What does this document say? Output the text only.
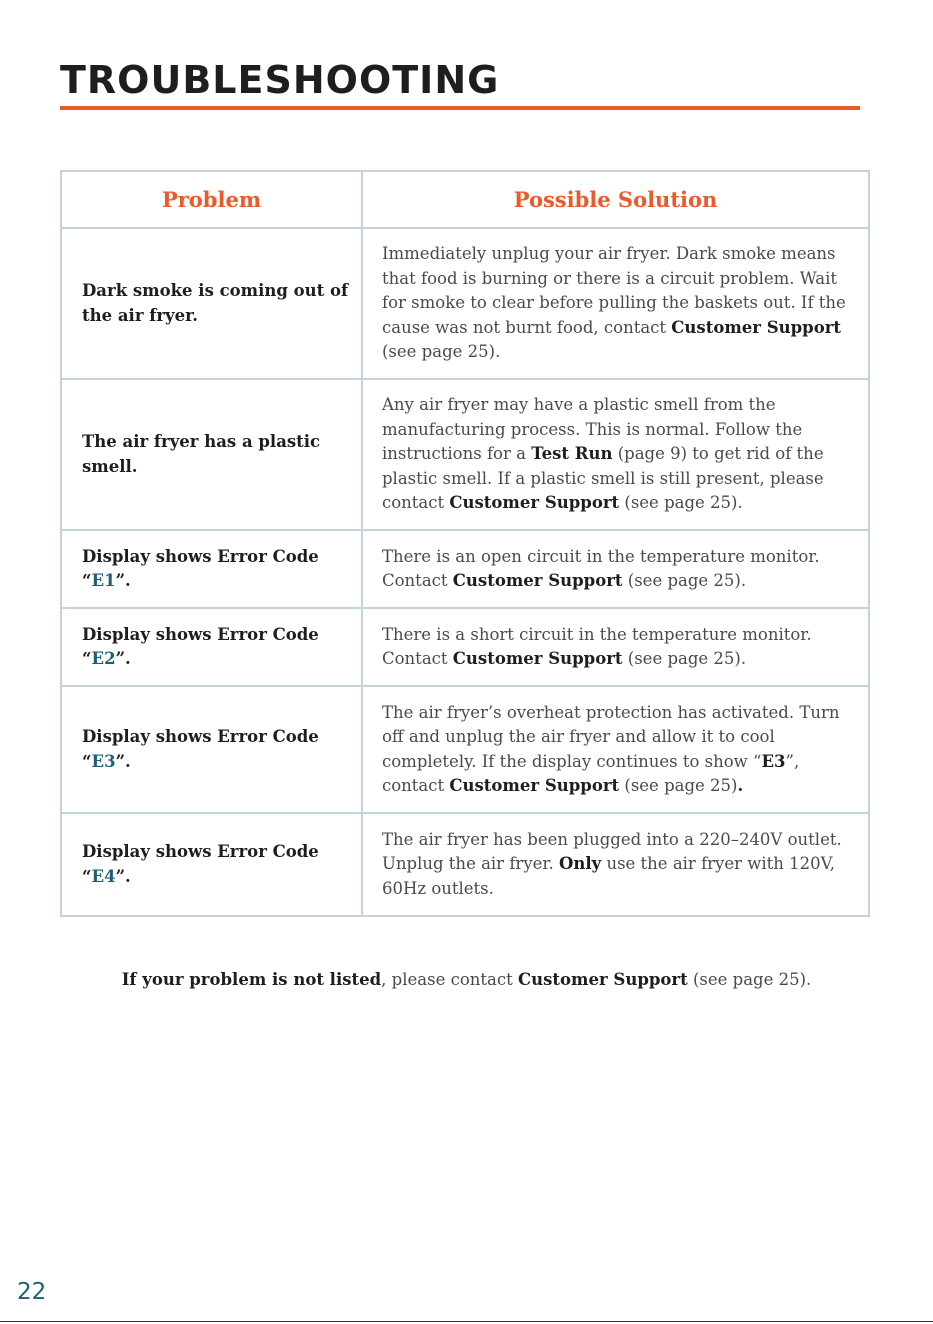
TROUBLESHOOTING
Problem	Possible Solution
Dark smoke is coming out of the air fryer.	Immediately unplug your air fryer. Dark smoke means that food is burning or there is a circuit problem. Wait for smoke to clear before pulling the baskets out. If the cause was not burnt food, contact Customer Support (see page 25).
The air fryer has a plastic smell.	Any air fryer may have a plastic smell from the manufacturing process. This is normal. Follow the instructions for a Test Run (page 9) to get rid of the plastic smell. If a plastic smell is still present, please contact Customer Support (see page 25).
Display shows Error Code “E1”.	There is an open circuit in the temperature monitor. Contact Customer Support (see page 25).
Display shows Error Code “E2”.	There is a short circuit in the temperature monitor. Contact Customer Support (see page 25).
Display shows Error Code “E3”.	The air fryer’s overheat protection has activated. Turn off and unplug the air fryer and allow it to cool completely. If the display continues to show “E3”, contact Customer Support (see page 25).
Display shows Error Code “E4”.	The air fryer has been plugged into a 220–240V outlet. Unplug the air fryer. Only use the air fryer with 120V, 60Hz outlets.
If your problem is not listed, please contact Customer Support (see page 25).
22
